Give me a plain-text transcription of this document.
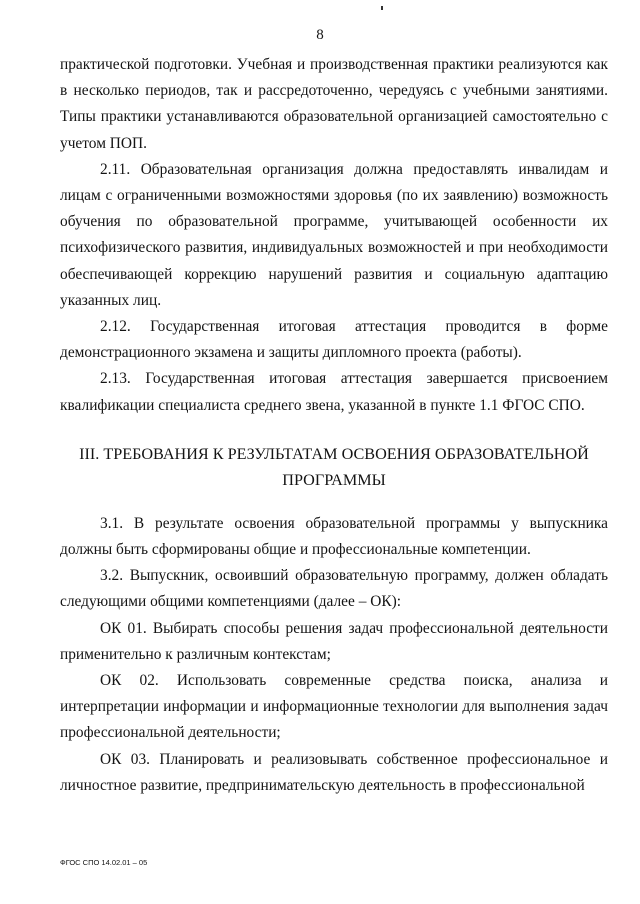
8

практической подготовки. Учебная и производственная практики реализуются как в несколько периодов, так и рассредоточенно, чередуясь с учебными занятиями. Типы практики устанавливаются образовательной организацией самостоятельно с учетом ПОП.

2.11. Образовательная организация должна предоставлять инвалидам и лицам с ограниченными возможностями здоровья (по их заявлению) возможность обучения по образовательной программе, учитывающей особенности их психофизического развития, индивидуальных возможностей и при необходимости обеспечивающей коррекцию нарушений развития и социальную адаптацию указанных лиц.

2.12. Государственная итоговая аттестация проводится в форме демонстрационного экзамена и защиты дипломного проекта (работы).

2.13. Государственная итоговая аттестация завершается присвоением квалификации специалиста среднего звена, указанной в пункте 1.1 ФГОС СПО.

III. ТРЕБОВАНИЯ К РЕЗУЛЬТАТАМ ОСВОЕНИЯ ОБРАЗОВАТЕЛЬНОЙ
ПРОГРАММЫ

3.1. В результате освоения образовательной программы у выпускника должны быть сформированы общие и профессиональные компетенции.

3.2. Выпускник, освоивший образовательную программу, должен обладать следующими общими компетенциями (далее – ОК):

ОК 01. Выбирать способы решения задач профессиональной деятельности применительно к различным контекстам;

ОК 02. Использовать современные средства поиска, анализа и интерпретации информации и информационные технологии для выполнения задач профессиональной деятельности;

ОК 03. Планировать и реализовывать собственное профессиональное и личностное развитие, предпринимательскую деятельность в профессиональной

ФГОС СПО 14.02.01 – 05
